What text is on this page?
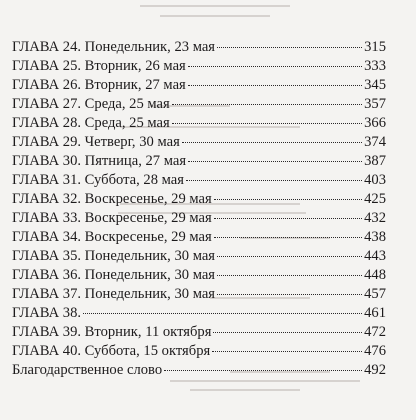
ГЛАВА 24. Понедельник, 23 мая	315
ГЛАВА 25. Вторник, 26 мая	333
ГЛАВА 26. Вторник, 27 мая	345
ГЛАВА 27. Среда, 25 мая	357
ГЛАВА 28. Среда, 25 мая	366
ГЛАВА 29. Четверг, 30 мая	374
ГЛАВА 30. Пятница, 27 мая	387
ГЛАВА 31. Суббота, 28 мая	403
ГЛАВА 32. Воскресенье, 29 мая	425
ГЛАВА 33. Воскресенье, 29 мая	432
ГЛАВА 34. Воскресенье, 29 мая	438
ГЛАВА 35. Понедельник, 30 мая	443
ГЛАВА 36. Понедельник, 30 мая	448
ГЛАВА 37. Понедельник, 30 мая	457
ГЛАВА 38.	461
ГЛАВА 39. Вторник, 11 октября	472
ГЛАВА 40. Суббота, 15 октября	476
Благодарственное слово	492
